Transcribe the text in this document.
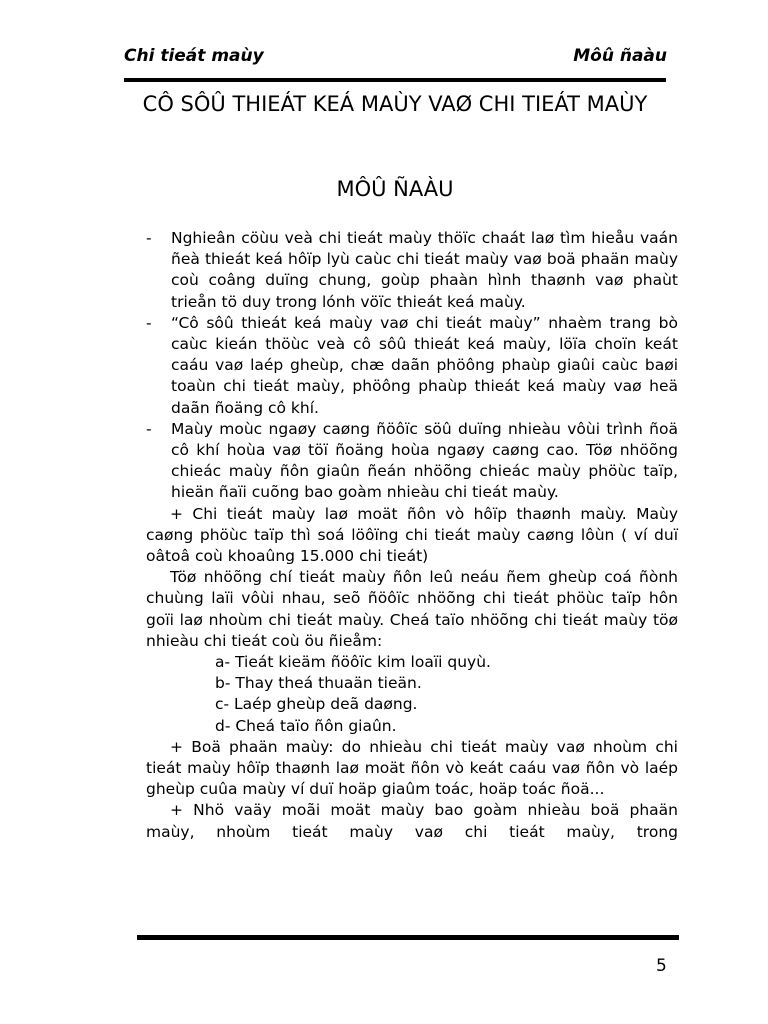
Chi tieát maùy	Môû ñaàu
CÔ SÔÛ THIEÁT KEÁ MAÙY VAØ CHI TIEÁT MAÙY
MÔÛ ÑAÀU
-	Nghieân cöùu veà chi tieát maùy thöïc chaát laø tìm hieåu vaán ñeà thieát keá hôïp lyù caùc chi tieát maùy vaø boä phaän maùy coù coâng duïng chung, goùp phaàn hình thaønh vaø phaùt trieån tö duy trong lónh vöïc thieát keá maùy.
-	“Cô sôû thieát keá maùy vaø chi tieát maùy” nhaèm trang bò caùc kieán thöùc veà cô sôû thieát keá maùy, löïa choïn keát caáu vaø laép gheùp, chæ daãn phöông phaùp giaûi caùc baøi toaùn chi tieát maùy, phöông phaùp thieát keá maùy vaø heä daãn ñoäng cô khí.
-	Maùy moùc ngaøy caøng ñöôïc söû duïng nhieàu vôùi trình ñoä cô khí hoùa vaø töï ñoäng hoùa ngaøy caøng cao. Töø nhöõng chieác maùy ñôn giaûn ñeán nhöõng chieác maùy phöùc taïp, hieän ñaïi cuõng bao goàm nhieàu chi tieát maùy.

+ Chi tieát maùy laø moät ñôn vò hôïp thaønh maùy. Maùy caøng phöùc taïp thì soá löôïng chi tieát maùy caøng lôùn ( ví duï oâtoâ coù khoaûng 15.000 chi tieát)

Töø nhöõng chí tieát maùy ñôn leû neáu ñem gheùp coá ñònh chuùng laïi vôùi nhau, seõ ñöôïc nhöõng chi tieát phöùc taïp hôn goïi laø nhoùm chi tieát maùy. Cheá taïo nhöõng chi tieát maùy töø nhieàu chi tieát coù öu ñieåm:

a- Tieát kieäm ñöôïc kim loaïi quyù.

b- Thay theá thuaän tieän.

c- Laép gheùp deã daøng.

d- Cheá taïo ñôn giaûn.

+ Boä phaän maùy: do nhieàu chi tieát maùy vaø nhoùm chi tieát maùy hôïp thaønh laø moät ñôn vò keát caáu vaø ñôn vò laép gheùp cuûa maùy ví duï hoäp giaûm toác, hoäp toác ñoä...

+ Nhö vaäy moãi moät maùy bao goàm nhieàu boä phaän maùy, nhoùm tieát maùy vaø chi tieát maùy, trong

5
